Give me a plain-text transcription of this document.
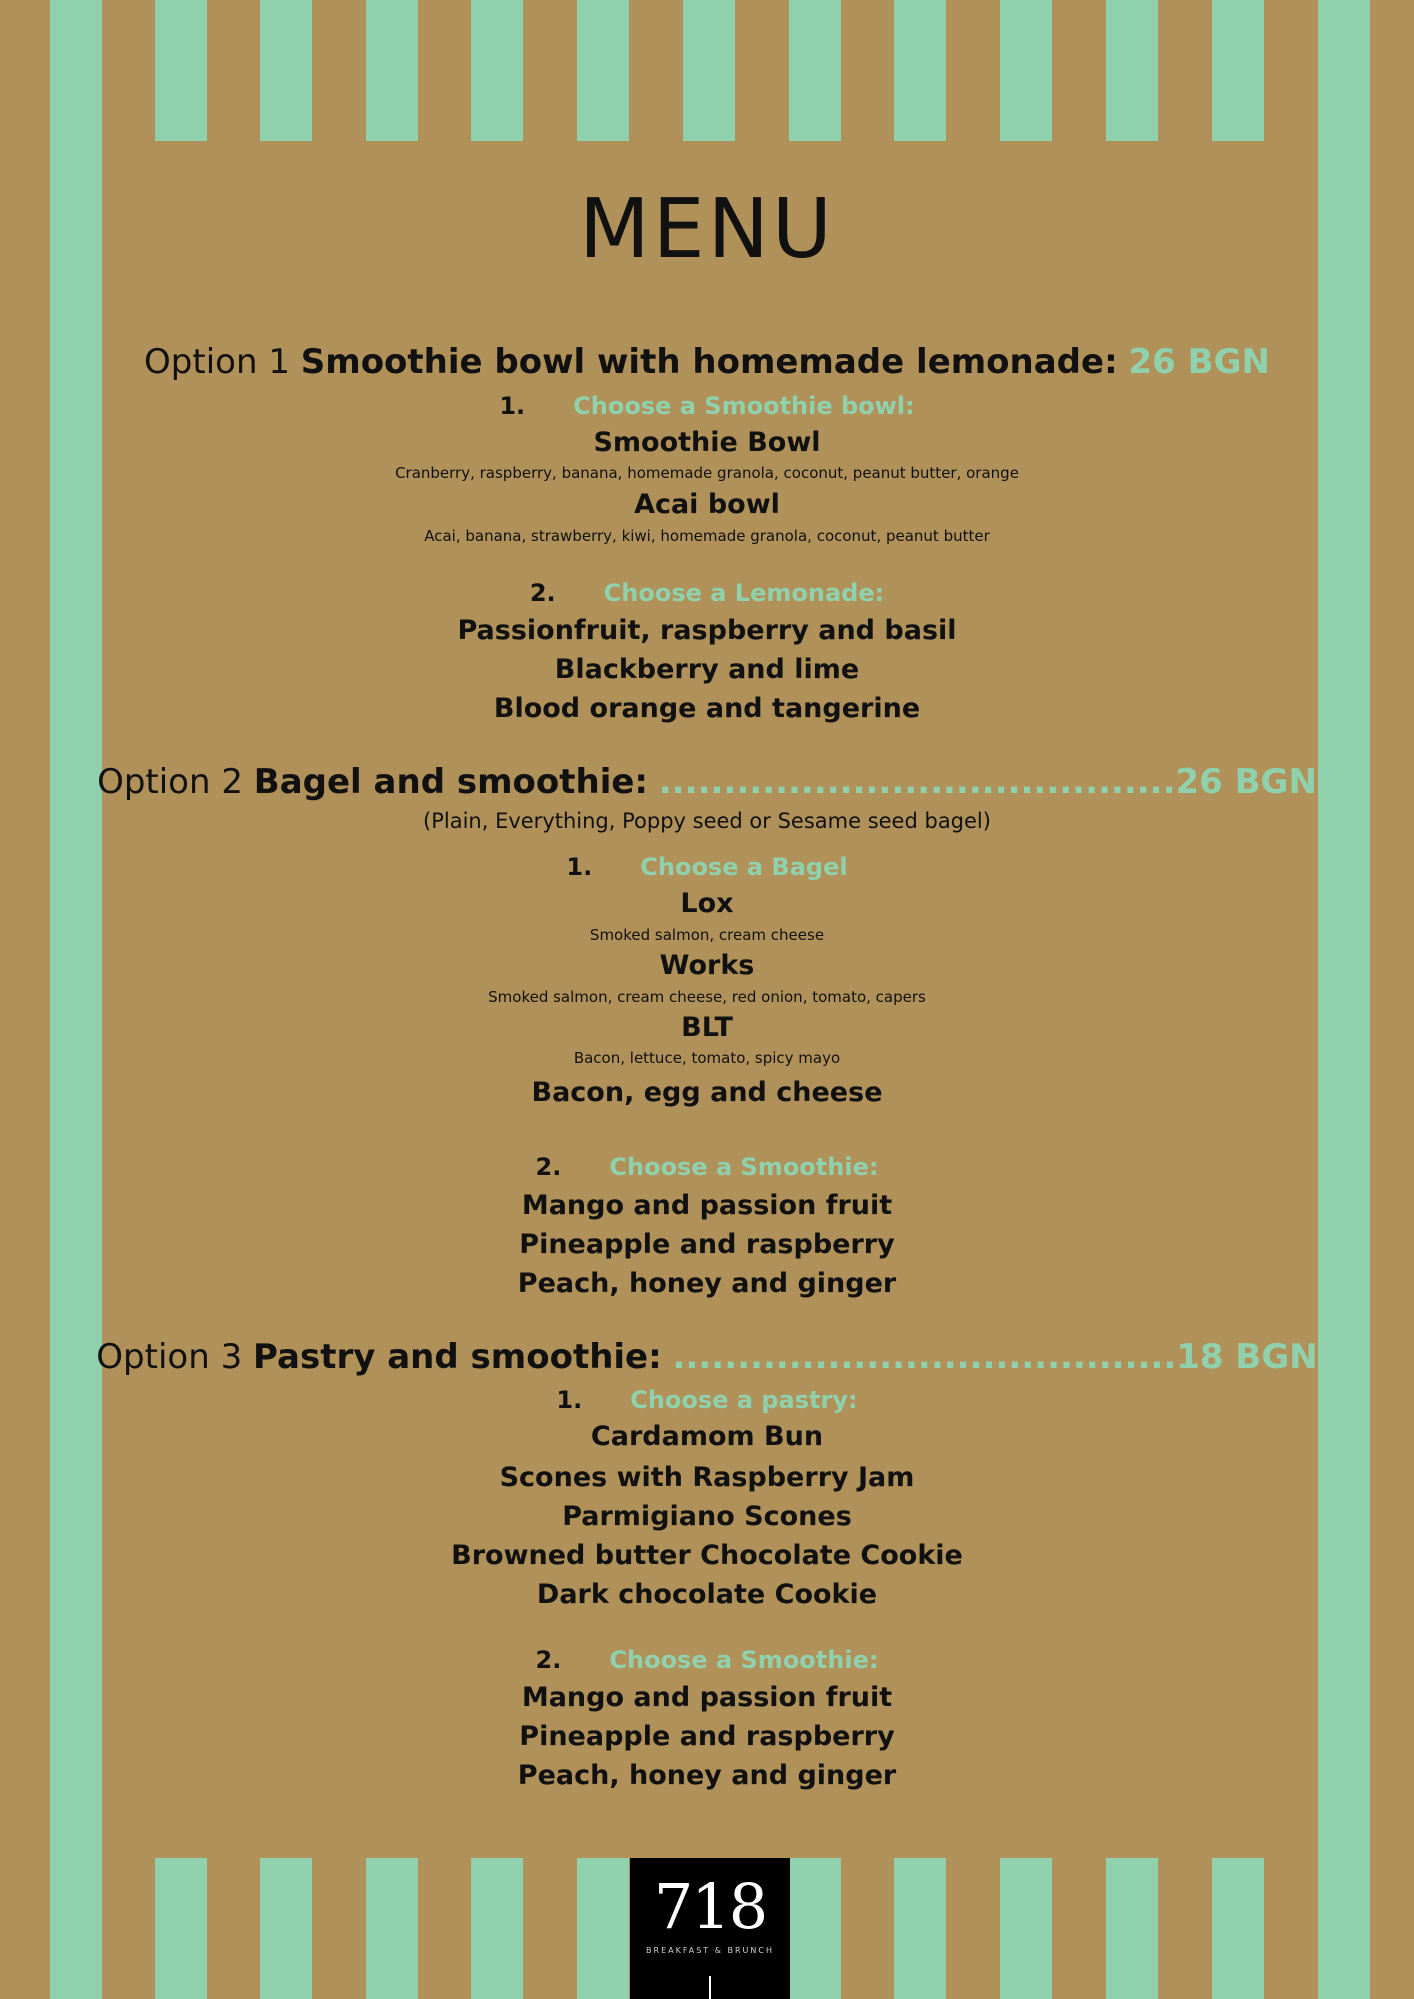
MENU
Option 1 Smoothie bowl with homemade lemonade: 26 BGN
1. Choose a Smoothie bowl:
Smoothie Bowl
Cranberry, raspberry, banana, homemade granola, coconut, peanut butter, orange
Acai bowl
Acai, banana, strawberry, kiwi, homemade granola, coconut, peanut butter
2. Choose a Lemonade:
Passionfruit, raspberry and basil
Blackberry and lime
Blood orange and tangerine
Option 2 Bagel and smoothie: ........................................26 BGN
(Plain, Everything, Poppy seed or Sesame seed bagel)
1. Choose a Bagel
Lox
Smoked salmon, cream cheese
Works
Smoked salmon, cream cheese, red onion, tomato, capers
BLT
Bacon, lettuce, tomato, spicy mayo
Bacon, egg and cheese
2. Choose a Smoothie:
Mango and passion fruit
Pineapple and raspberry
Peach, honey and ginger
Option 3 Pastry and smoothie: .......................................18 BGN
1. Choose a pastry:
Cardamom Bun
Scones with Raspberry Jam
Parmigiano Scones
Browned butter Chocolate Cookie
Dark chocolate Cookie
2. Choose a Smoothie:
Mango and passion fruit
Pineapple and raspberry
Peach, honey and ginger
718
BREAKFAST & BRUNCH
